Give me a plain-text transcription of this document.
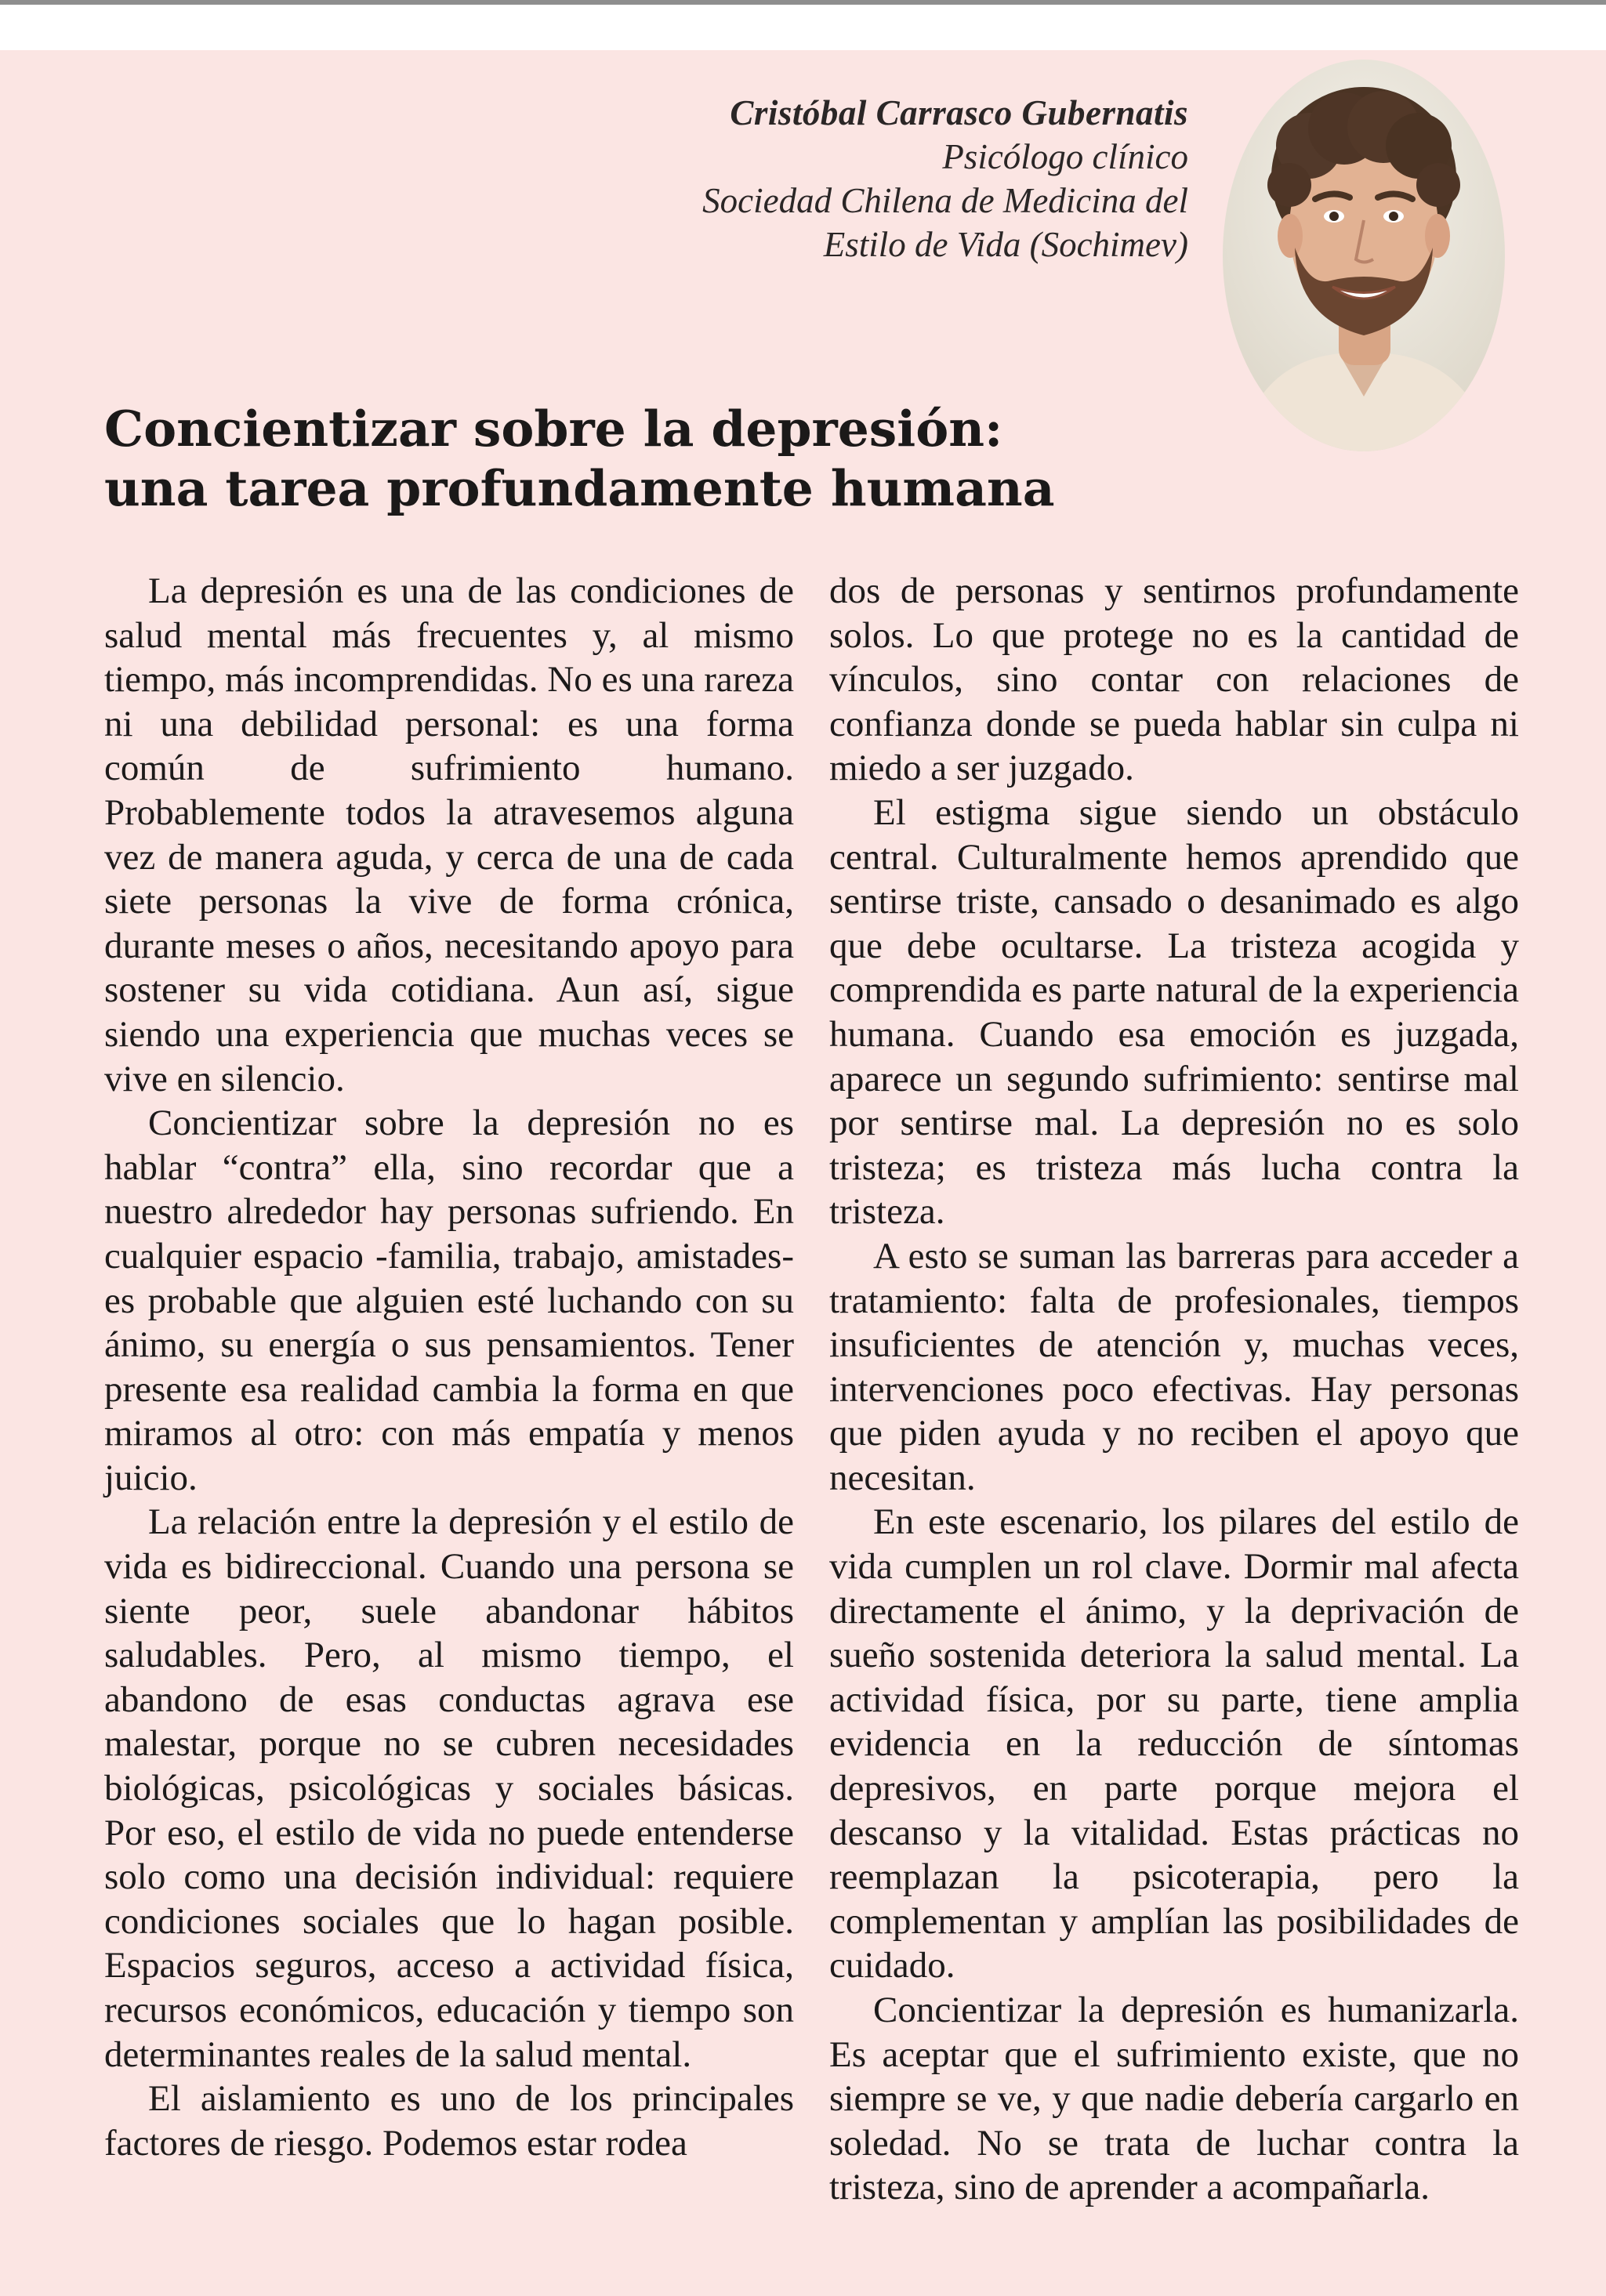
Cristóbal Carrasco Gubernatis
Psicólogo clínico
Sociedad Chilena de Medicina del
Estilo de Vida (Sochimev)
Concientizar sobre la depresión: una tarea profundamente humana

La depresión es una de las condiciones de salud mental más frecuentes y, al mismo tiempo, más incomprendidas. No es una rareza ni una debilidad personal: es una forma común de sufrimiento humano. Probablemente todos la atravesemos alguna vez de manera aguda, y cerca de una de cada siete personas la vive de forma crónica, durante meses o años, necesitando apoyo para sostener su vida cotidiana. Aun así, sigue siendo una experiencia que muchas veces se vive en silencio.

Concientizar sobre la depresión no es hablar “contra” ella, sino recordar que a nuestro alrededor hay personas sufriendo. En cualquier espacio -familia, trabajo, amistades- es probable que alguien esté luchando con su ánimo, su energía o sus pensamientos. Tener presente esa realidad cambia la forma en que miramos al otro: con más empatía y menos juicio.

La relación entre la depresión y el estilo de vida es bidireccional. Cuando una persona se siente peor, suele abandonar hábitos saludables. Pero, al mismo tiempo, el abandono de esas conductas agrava ese malestar, porque no se cubren necesidades biológicas, psicológicas y sociales básicas. Por eso, el estilo de vida no puede entenderse solo como una decisión individual: requiere condiciones sociales que lo hagan posible. Espacios seguros, acceso a actividad física, recursos económicos, educación y tiempo son determinantes reales de la salud mental.

El aislamiento es uno de los principales factores de riesgo. Podemos estar rodea

dos de personas y sentirnos profundamente solos. Lo que protege no es la cantidad de vínculos, sino contar con relaciones de confianza donde se pueda hablar sin culpa ni miedo a ser juzgado.

El estigma sigue siendo un obstáculo central. Culturalmente hemos aprendido que sentirse triste, cansado o desanimado es algo que debe ocultarse. La tristeza acogida y comprendida es parte natural de la experiencia humana. Cuando esa emoción es juzgada, aparece un segundo sufrimiento: sentirse mal por sentirse mal. La depresión no es solo tristeza; es tristeza más lucha contra la tristeza.

A esto se suman las barreras para acceder a tratamiento: falta de profesionales, tiempos insuficientes de atención y, muchas veces, intervenciones poco efectivas. Hay personas que piden ayuda y no reciben el apoyo que necesitan.

En este escenario, los pilares del estilo de vida cumplen un rol clave. Dormir mal afecta directamente el ánimo, y la deprivación de sueño sostenida deteriora la salud mental. La actividad física, por su parte, tiene amplia evidencia en la reducción de síntomas depresivos, en parte porque mejora el descanso y la vitalidad. Estas prácticas no reemplazan la psicoterapia, pero la complementan y amplían las posibilidades de cuidado.

Concientizar la depresión es humanizarla. Es aceptar que el sufrimiento existe, que no siempre se ve, y que nadie debería cargarlo en soledad. No se trata de luchar contra la tristeza, sino de aprender a acompañarla.
